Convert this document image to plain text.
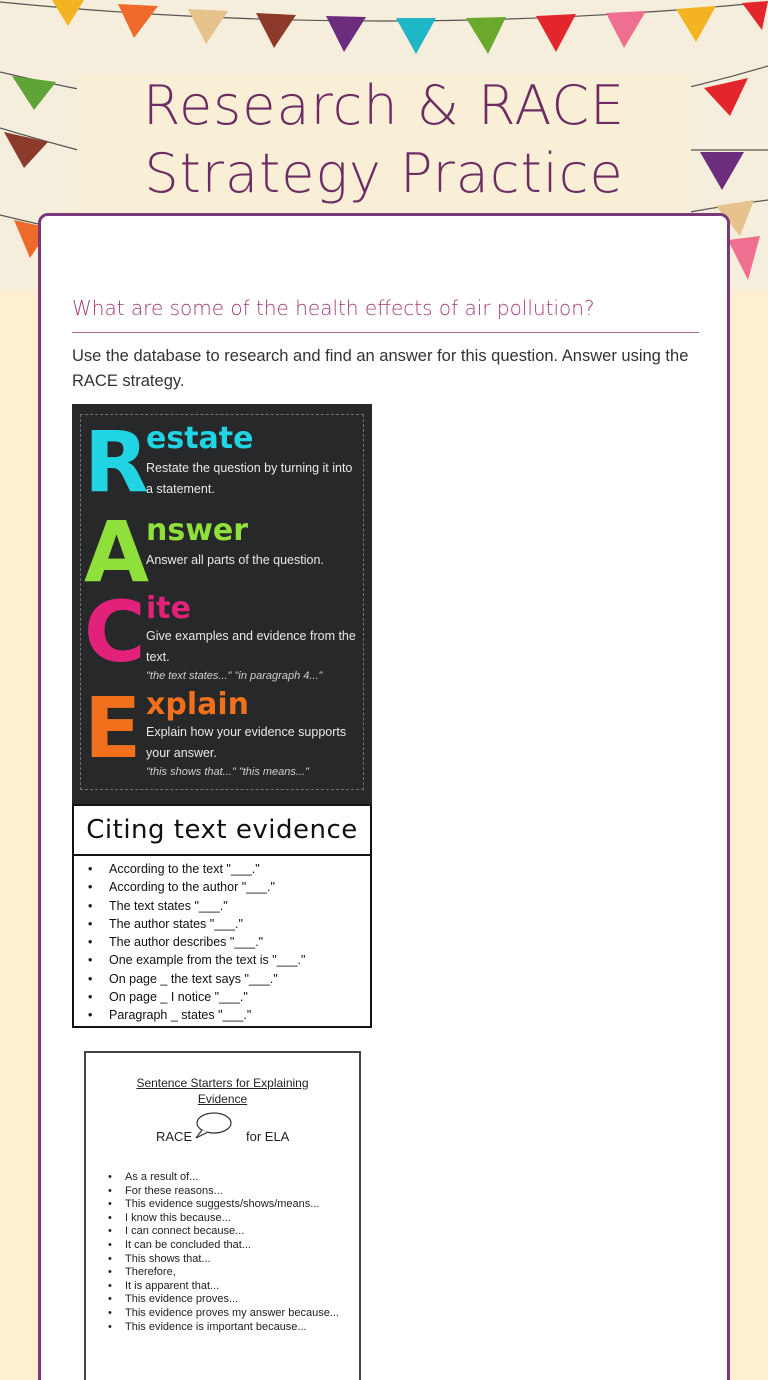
Research & RACE Strategy Practice
What are some of the health effects of air pollution?
Use the database to research and find an answer for this question. Answer using the RACE strategy.
R
estate
Restate the question by turning it into a statement.
A
nswer
Answer all parts of the question.
C ite
Give examples and evidence from the text.
"the text states..." "in paragraph 4..."
E xplain
Explain how your evidence supports your answer.
"this shows that..." "this means..."
Citing text evidence
• According to the text "___."
• According to the author "___."
• The text states "___."
• The author states "___."
• The author describes "___."
• One example from the text is "___."
• On page _ the text says "___."
• On page _ I notice "___."
• Paragraph _ states "___."
Sentence Starters for Explaining
Evidence
RACE	for ELA
• As a result of...
• For these reasons...
• This evidence suggests/shows/means...
• I know this because...
• I can connect because...
• It can be concluded that...
• This shows that...
• Therefore,
• It is apparent that...
• This evidence proves...
• This evidence proves my answer because...
• This evidence is important because...
